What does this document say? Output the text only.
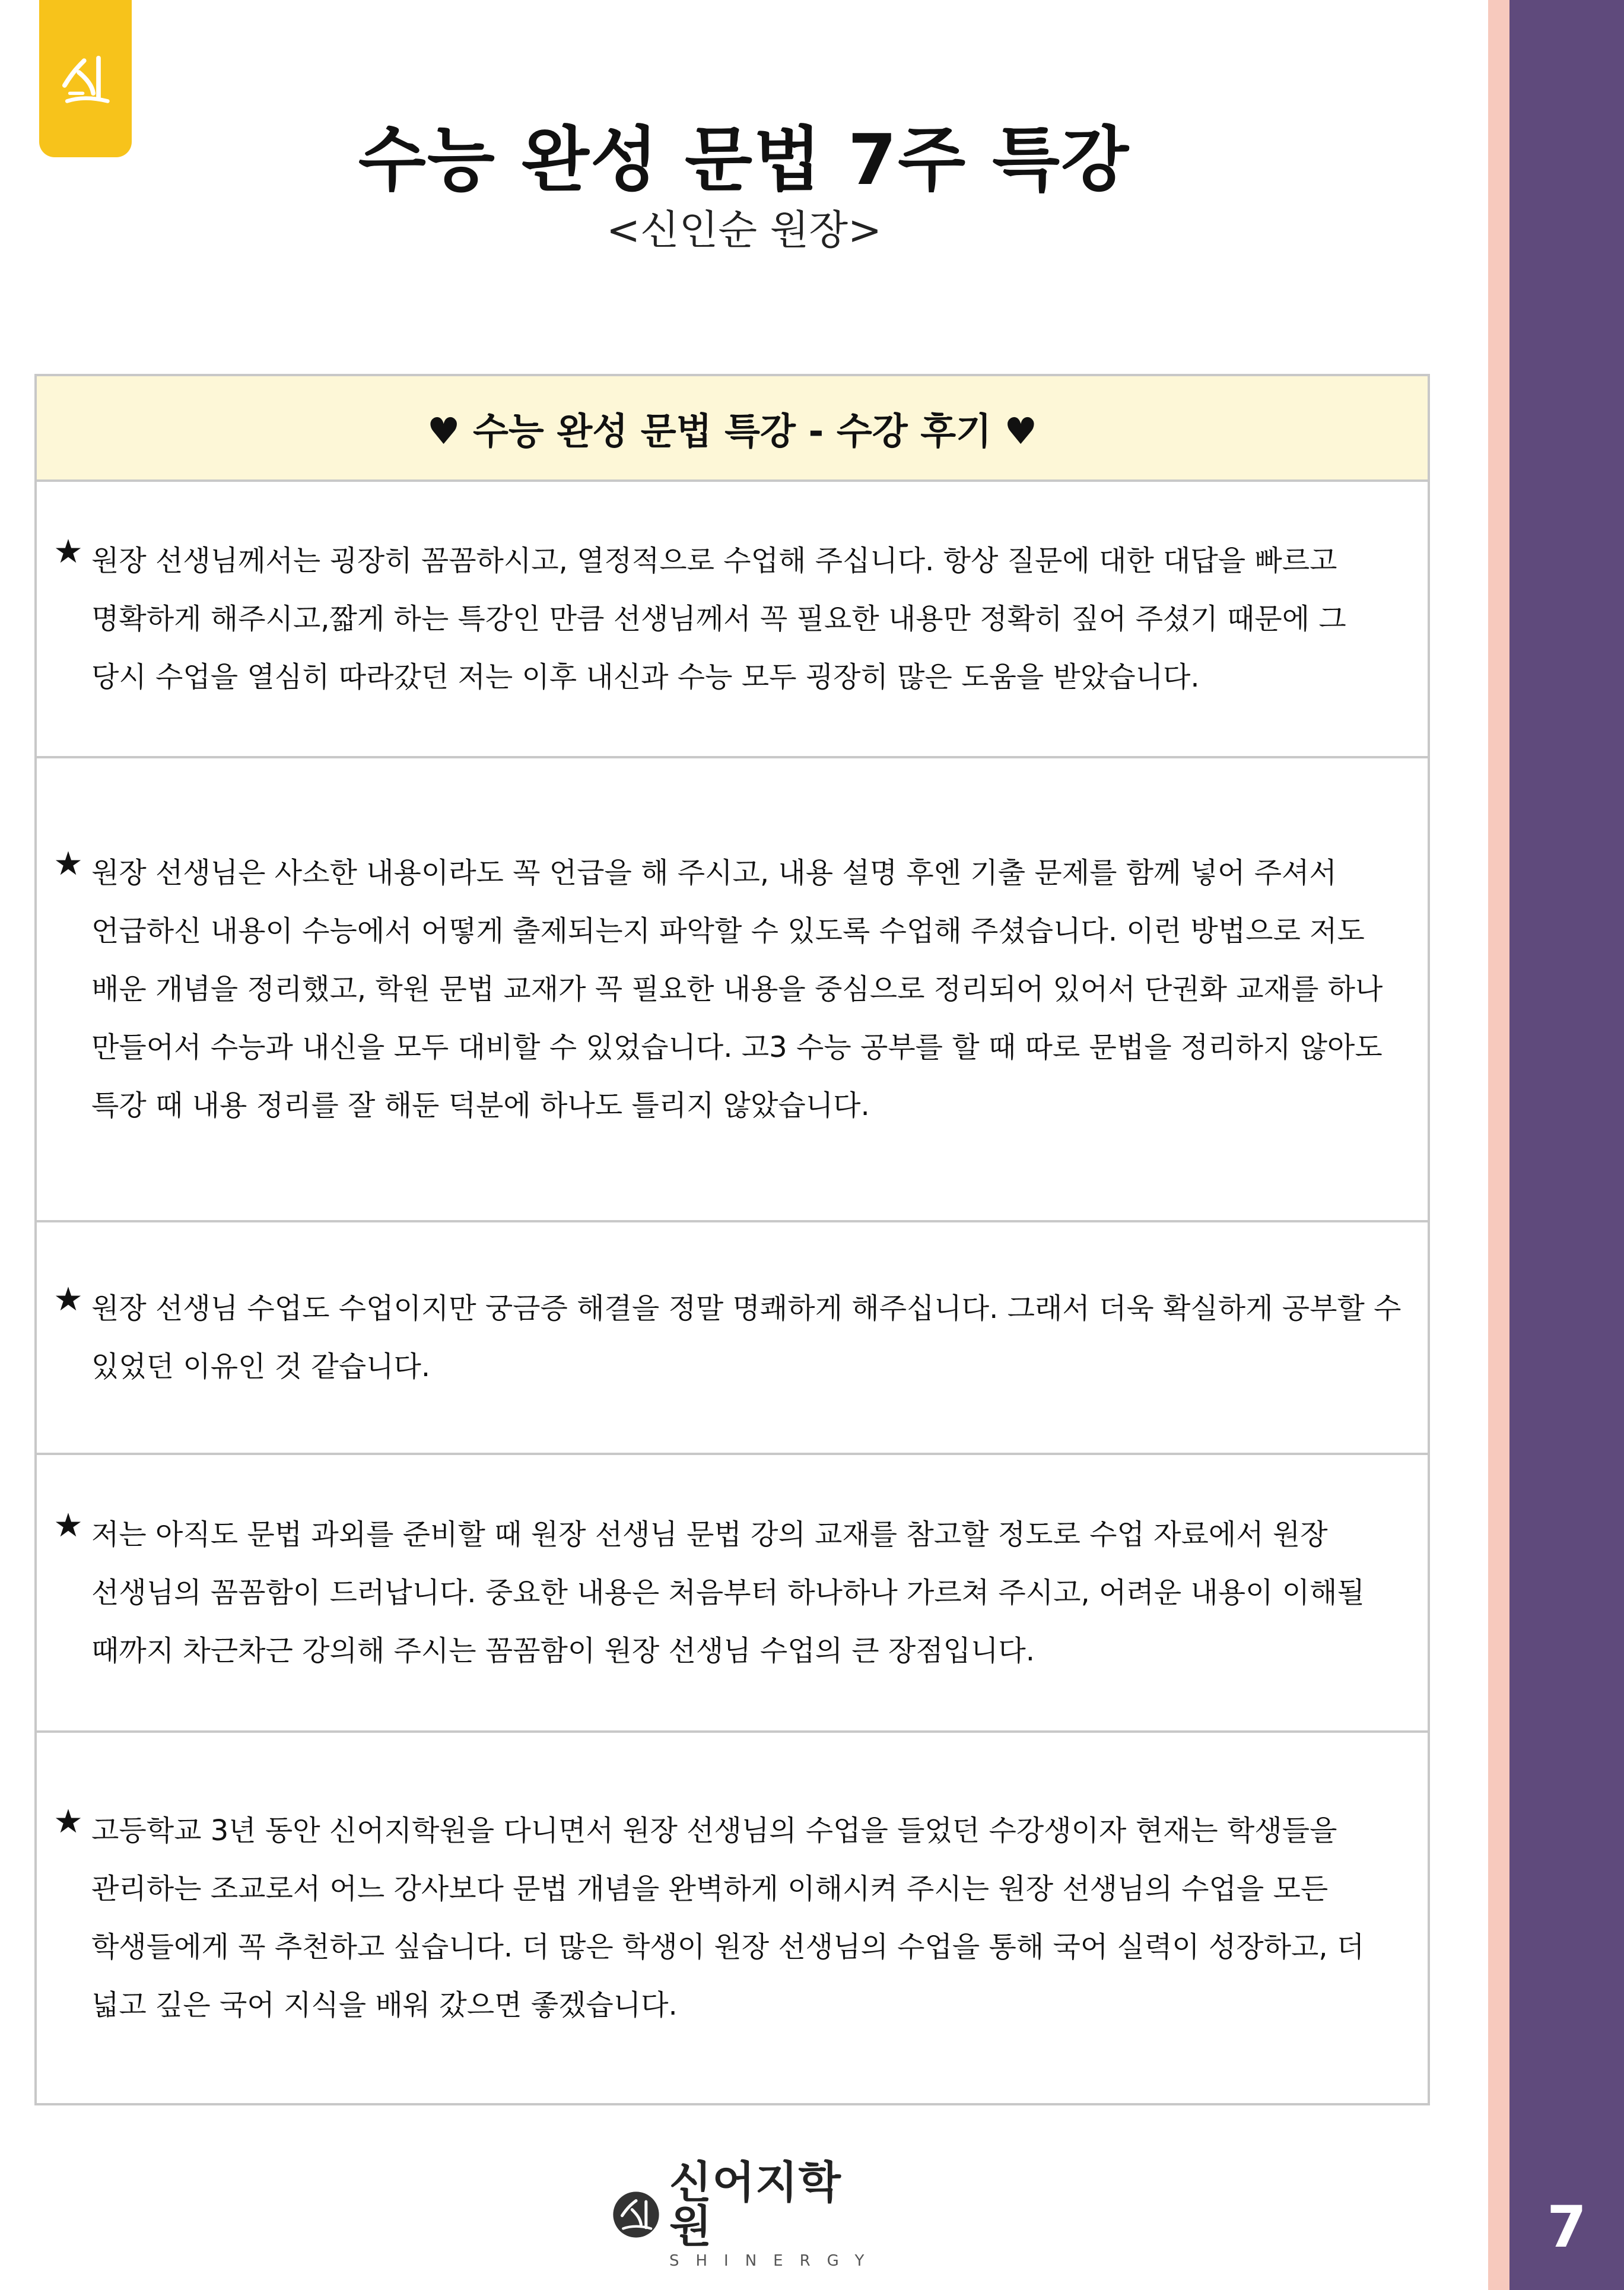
7
수능 완성 문법 7주 특강
<신인순 원장>
♥ 수능 완성 문법 특강 - 수강 후기 ♥
원장 선생님께서는 굉장히 꼼꼼하시고, 열정적으로 수업해 주십니다. 항상 질문에 대한 대답을 빠르고 명확하게 해주시고,짧게 하는 특강인 만큼 선생님께서 꼭 필요한 내용만 정확히 짚어 주셨기 때문에 그 당시 수업을 열심히 따라갔던 저는 이후 내신과 수능 모두 굉장히 많은 도움을 받았습니다.
원장 선생님은 사소한 내용이라도 꼭 언급을 해 주시고, 내용 설명 후엔 기출 문제를 함께 넣어 주셔서 언급하신 내용이 수능에서 어떻게 출제되는지 파악할 수 있도록 수업해 주셨습니다. 이런 방법으로 저도 배운 개념을 정리했고, 학원 문법 교재가 꼭 필요한 내용을 중심으로 정리되어 있어서 단권화 교재를 하나 만들어서 수능과 내신을 모두 대비할 수 있었습니다. 고3 수능 공부를 할 때 따로 문법을 정리하지 않아도 특강 때 내용 정리를 잘 해둔 덕분에 하나도 틀리지 않았습니다.
원장 선생님 수업도 수업이지만 궁금증 해결을 정말 명쾌하게 해주십니다. 그래서 더욱 확실하게 공부할 수 있었던 이유인 것 같습니다.
저는 아직도 문법 과외를 준비할 때 원장 선생님 문법 강의 교재를 참고할 정도로 수업 자료에서 원장 선생님의 꼼꼼함이 드러납니다. 중요한 내용은 처음부터 하나하나 가르쳐 주시고, 어려운 내용이 이해될 때까지 차근차근 강의해 주시는 꼼꼼함이 원장 선생님 수업의 큰 장점입니다.
고등학교 3년 동안 신어지학원을 다니면서 원장 선생님의 수업을 들었던 수강생이자 현재는 학생들을 관리하는 조교로서 어느 강사보다 문법 개념을 완벽하게 이해시켜 주시는 원장 선생님의 수업을 모든 학생들에게 꼭 추천하고 싶습니다. 더 많은 학생이 원장 선생님의 수업을 통해 국어 실력이 성장하고, 더 넓고 깊은 국어 지식을 배워 갔으면 좋겠습니다.
신어지학원
SHINERGY
